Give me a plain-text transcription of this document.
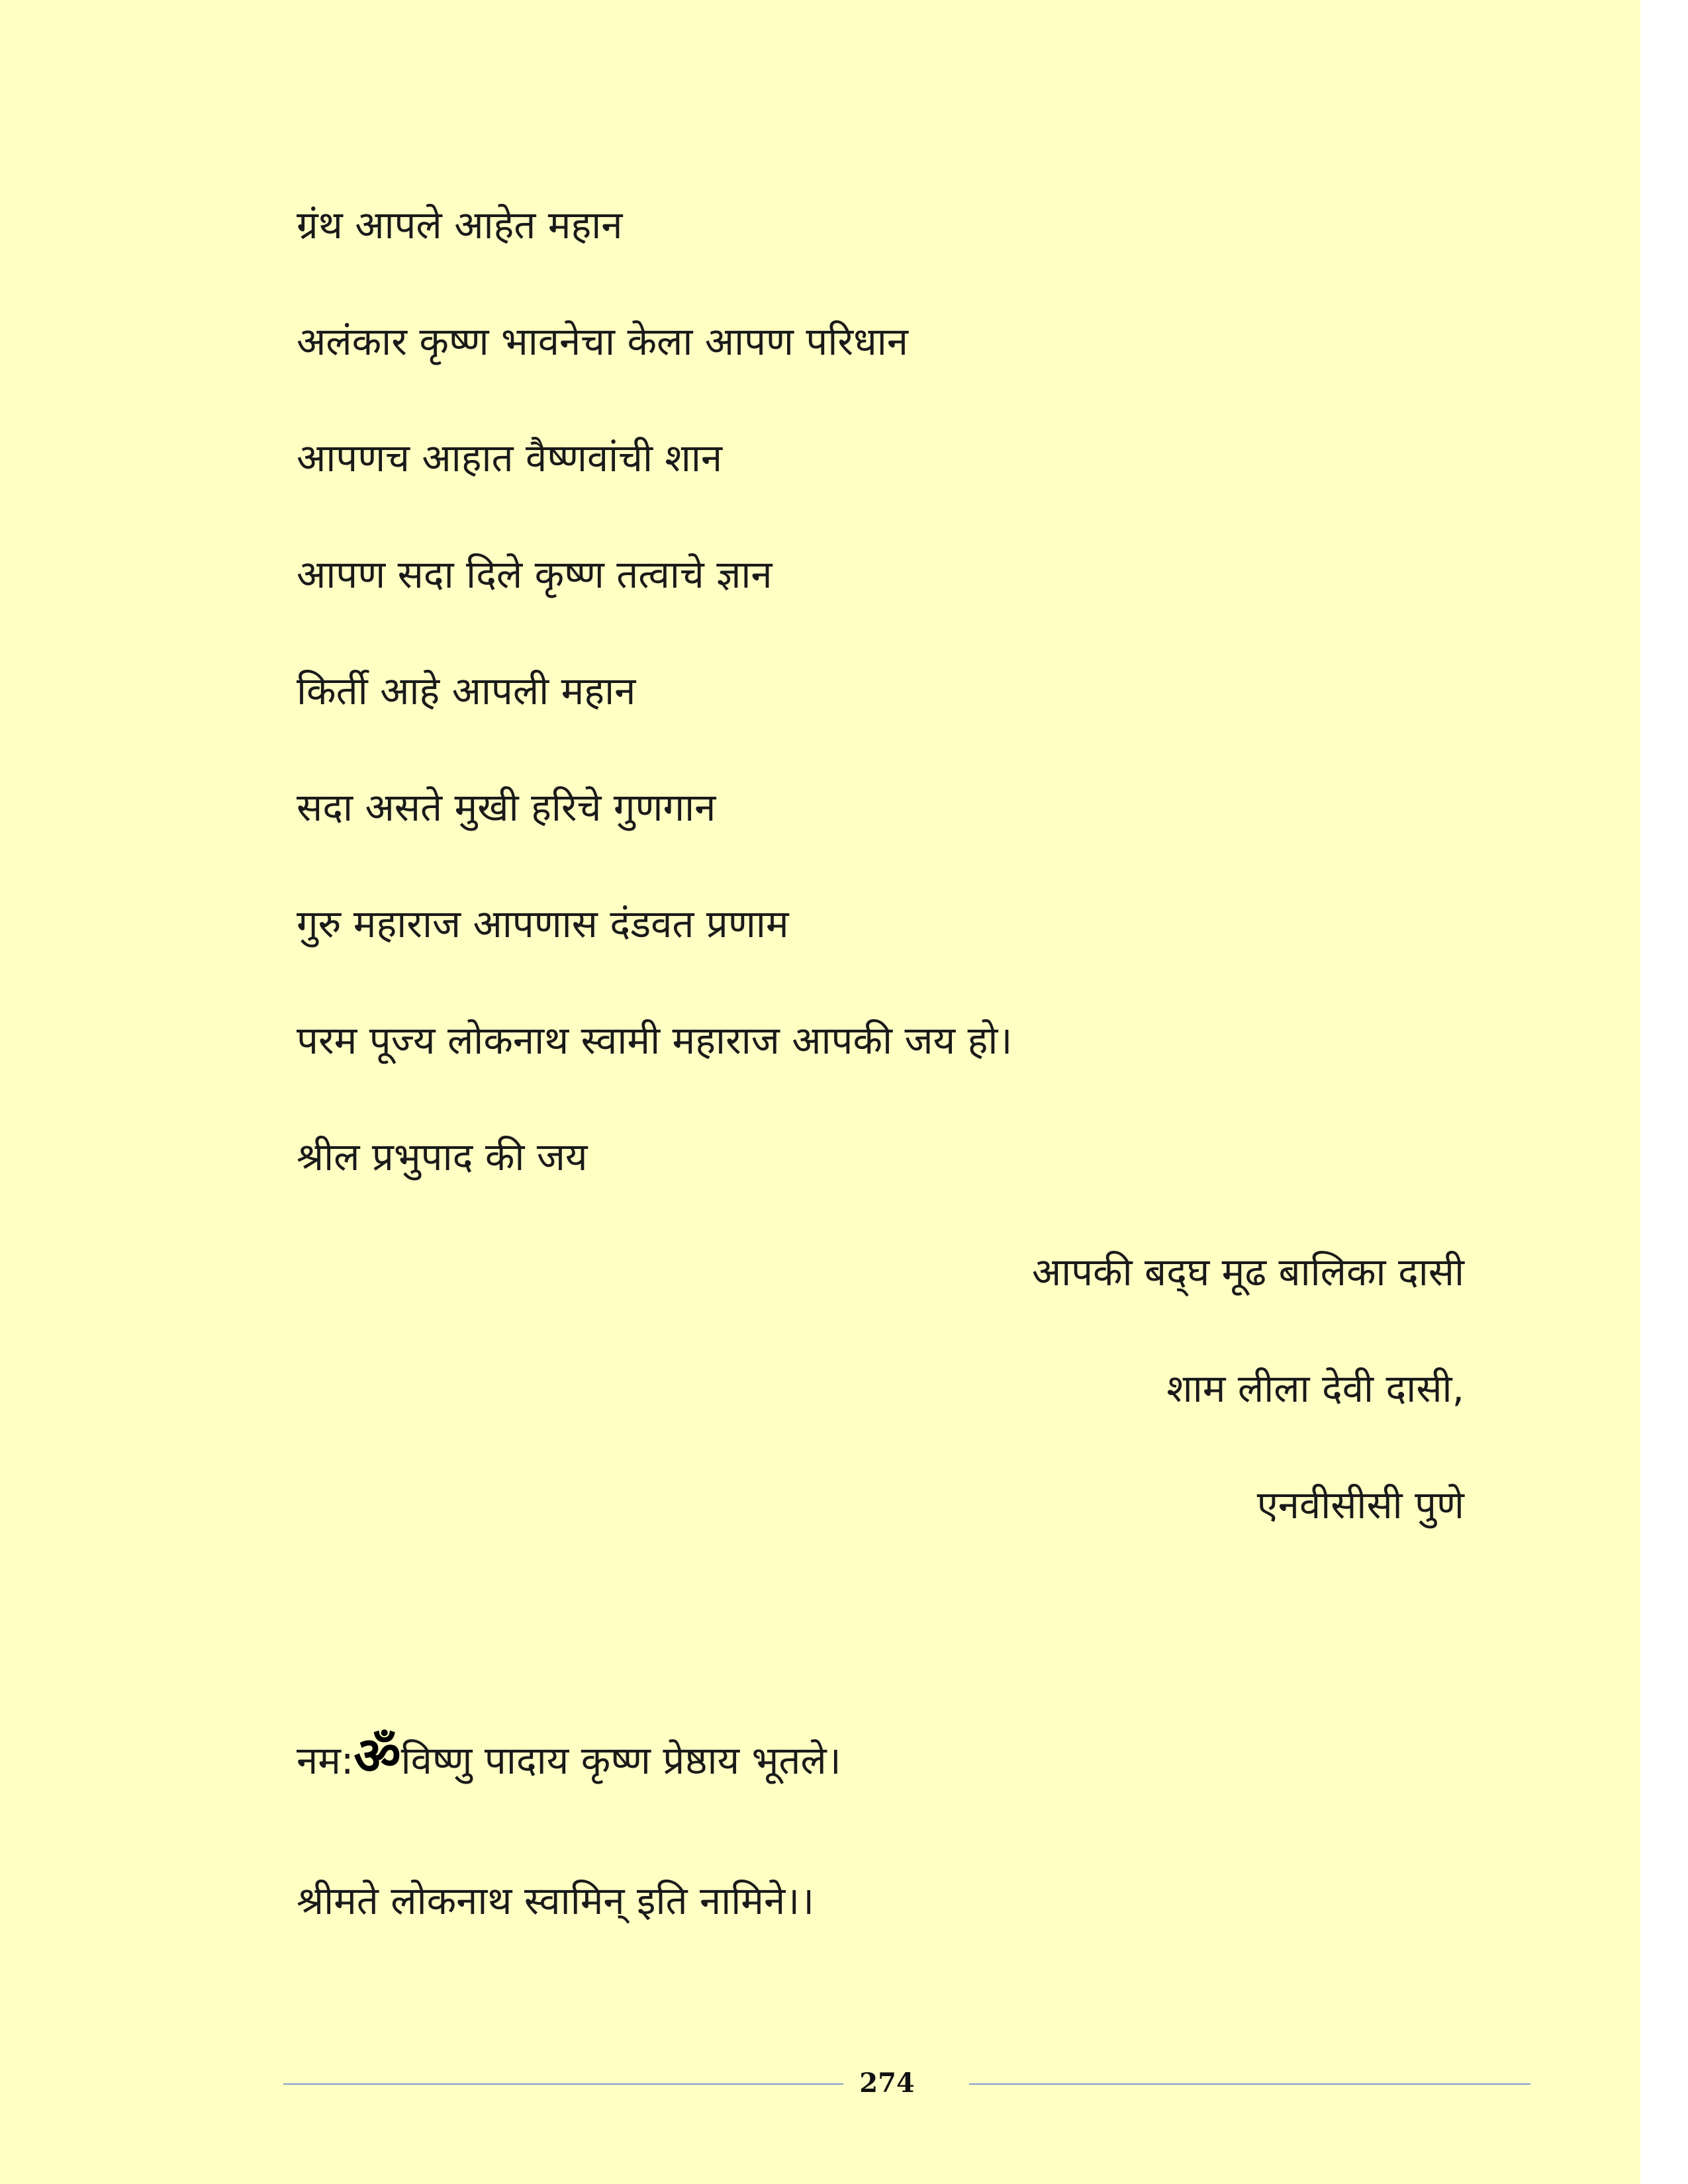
ग्रंथ आपले आहेत महान
अलंकार कृष्ण भावनेचा केला आपण परिधान
आपणच आहात वैष्णवांची शान
आपण सदा दिले कृष्ण तत्वाचे ज्ञान
किर्ती आहे आपली महान
सदा असते मुखी हरिचे गुणगान
गुरु महाराज आपणास दंडवत प्रणाम
परम पूज्य लोकनाथ स्वामी महाराज आपकी जय हो।
श्रील प्रभुपाद की जय
आपकी बद्‌घ मूढ बालिका दासी
शाम लीला देवी दासी,
एनवीसीसी पुणे
नम:ॐविष्णु पादाय कृष्ण प्रेष्ठाय भूतले।
श्रीमते लोकनाथ स्वामिन् इति नामिने।।
274
